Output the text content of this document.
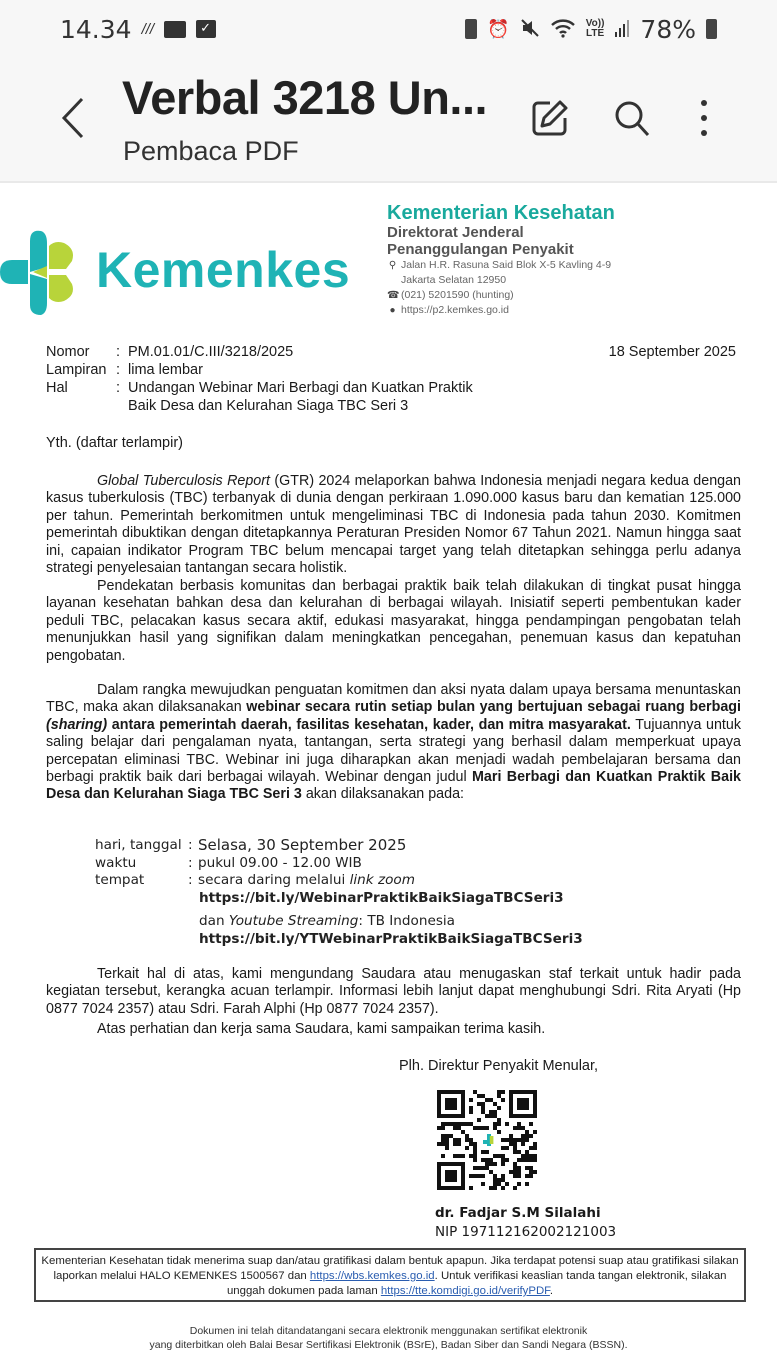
14.34 /// ✓	⏰	Vo))
LTE 78%
Verbal 3218 Un...
Pembaca PDF
Kemenkes
Kementerian Kesehatan
Direktorat Jenderal
Penanggulangan Penyakit
⚲ Jalan H.R. Rasuna Said Blok X-5 Kavling 4-9
Jakarta Selatan 12950
☎ (021) 5201590 (hunting)
● https://p2.kemkes.go.id
Nomor	: PM.01.01/C.III/3218/2025
Lampiran : lima lembar
Hal	: Undangan Webinar Mari Berbagi dan Kuatkan Praktik
Baik Desa dan Kelurahan Siaga TBC Seri 3
18 September 2025
Yth. (daftar terlampir)

Global Tuberculosis Report (GTR) 2024 melaporkan bahwa Indonesia menjadi negara kedua dengan kasus tuberkulosis (TBC) terbanyak di dunia dengan perkiraan 1.090.000 kasus baru dan kematian 125.000 per tahun. Pemerintah berkomitmen untuk mengeliminasi TBC di Indonesia pada tahun 2030. Komitmen pemerintah dibuktikan dengan ditetapkannya Peraturan Presiden Nomor 67 Tahun 2021. Namun hingga saat ini, capaian indikator Program TBC belum mencapai target yang telah ditetapkan sehingga perlu adanya strategi penyelesaian tantangan secara holistik.

Pendekatan berbasis komunitas dan berbagai praktik baik telah dilakukan di tingkat pusat hingga layanan kesehatan bahkan desa dan kelurahan di berbagai wilayah. Inisiatif seperti pembentukan kader peduli TBC, pelacakan kasus secara aktif, edukasi masyarakat, hingga pendampingan pengobatan telah menunjukkan hasil yang signifikan dalam meningkatkan pencegahan, penemuan kasus dan kepatuhan pengobatan.

Dalam rangka mewujudkan penguatan komitmen dan aksi nyata dalam upaya bersama menuntaskan TBC, maka akan dilaksanakan webinar secara rutin setiap bulan yang bertujuan sebagai ruang berbagi (sharing) antara pemerintah daerah, fasilitas kesehatan, kader, dan mitra masyarakat. Tujuannya untuk saling belajar dari pengalaman nyata, tantangan, serta strategi yang berhasil dalam memperkuat upaya percepatan eliminasi TBC. Webinar ini juga diharapkan akan menjadi wadah pembelajaran bersama dan berbagi praktik baik dari berbagai wilayah. Webinar dengan judul Mari Berbagi dan Kuatkan Praktik Baik Desa dan Kelurahan Siaga TBC Seri 3 akan dilaksanakan pada:

hari, tanggal : Selasa, 30 September 2025
waktu	: pukul 09.00 - 12.00 WIB
tempat	: secara daring melalui link zoom
https://bit.ly/WebinarPraktikBaikSiagaTBCSeri3
dan Youtube Streaming: TB Indonesia
https://bit.ly/YTWebinarPraktikBaikSiagaTBCSeri3

Terkait hal di atas, kami mengundang Saudara atau menugaskan staf terkait untuk hadir pada kegiatan tersebut, kerangka acuan terlampir. Informasi lebih lanjut dapat menghubungi Sdri. Rita Aryati (Hp 0877 7024 2357) atau Sdri. Farah Alphi (Hp 0877 7024 2357).

Atas perhatian dan kerja sama Saudara, kami sampaikan terima kasih.

Plh. Direktur Penyakit Menular,
dr. Fadjar S.M Silalahi
NIP 197112162002121003
Kementerian Kesehatan tidak menerima suap dan/atau gratifikasi dalam bentuk apapun. Jika terdapat potensi suap atau gratifikasi silakan laporkan melalui HALO KEMENKES 1500567 dan https://wbs.kemkes.go.id. Untuk verifikasi keaslian tanda tangan elektronik, silakan unggah dokumen pada laman https://tte.komdigi.go.id/verifyPDF.
Dokumen ini telah ditandatangani secara elektronik menggunakan sertifikat elektronik
yang diterbitkan oleh Balai Besar Sertifikasi Elektronik (BSrE), Badan Siber dan Sandi Negara (BSSN).
